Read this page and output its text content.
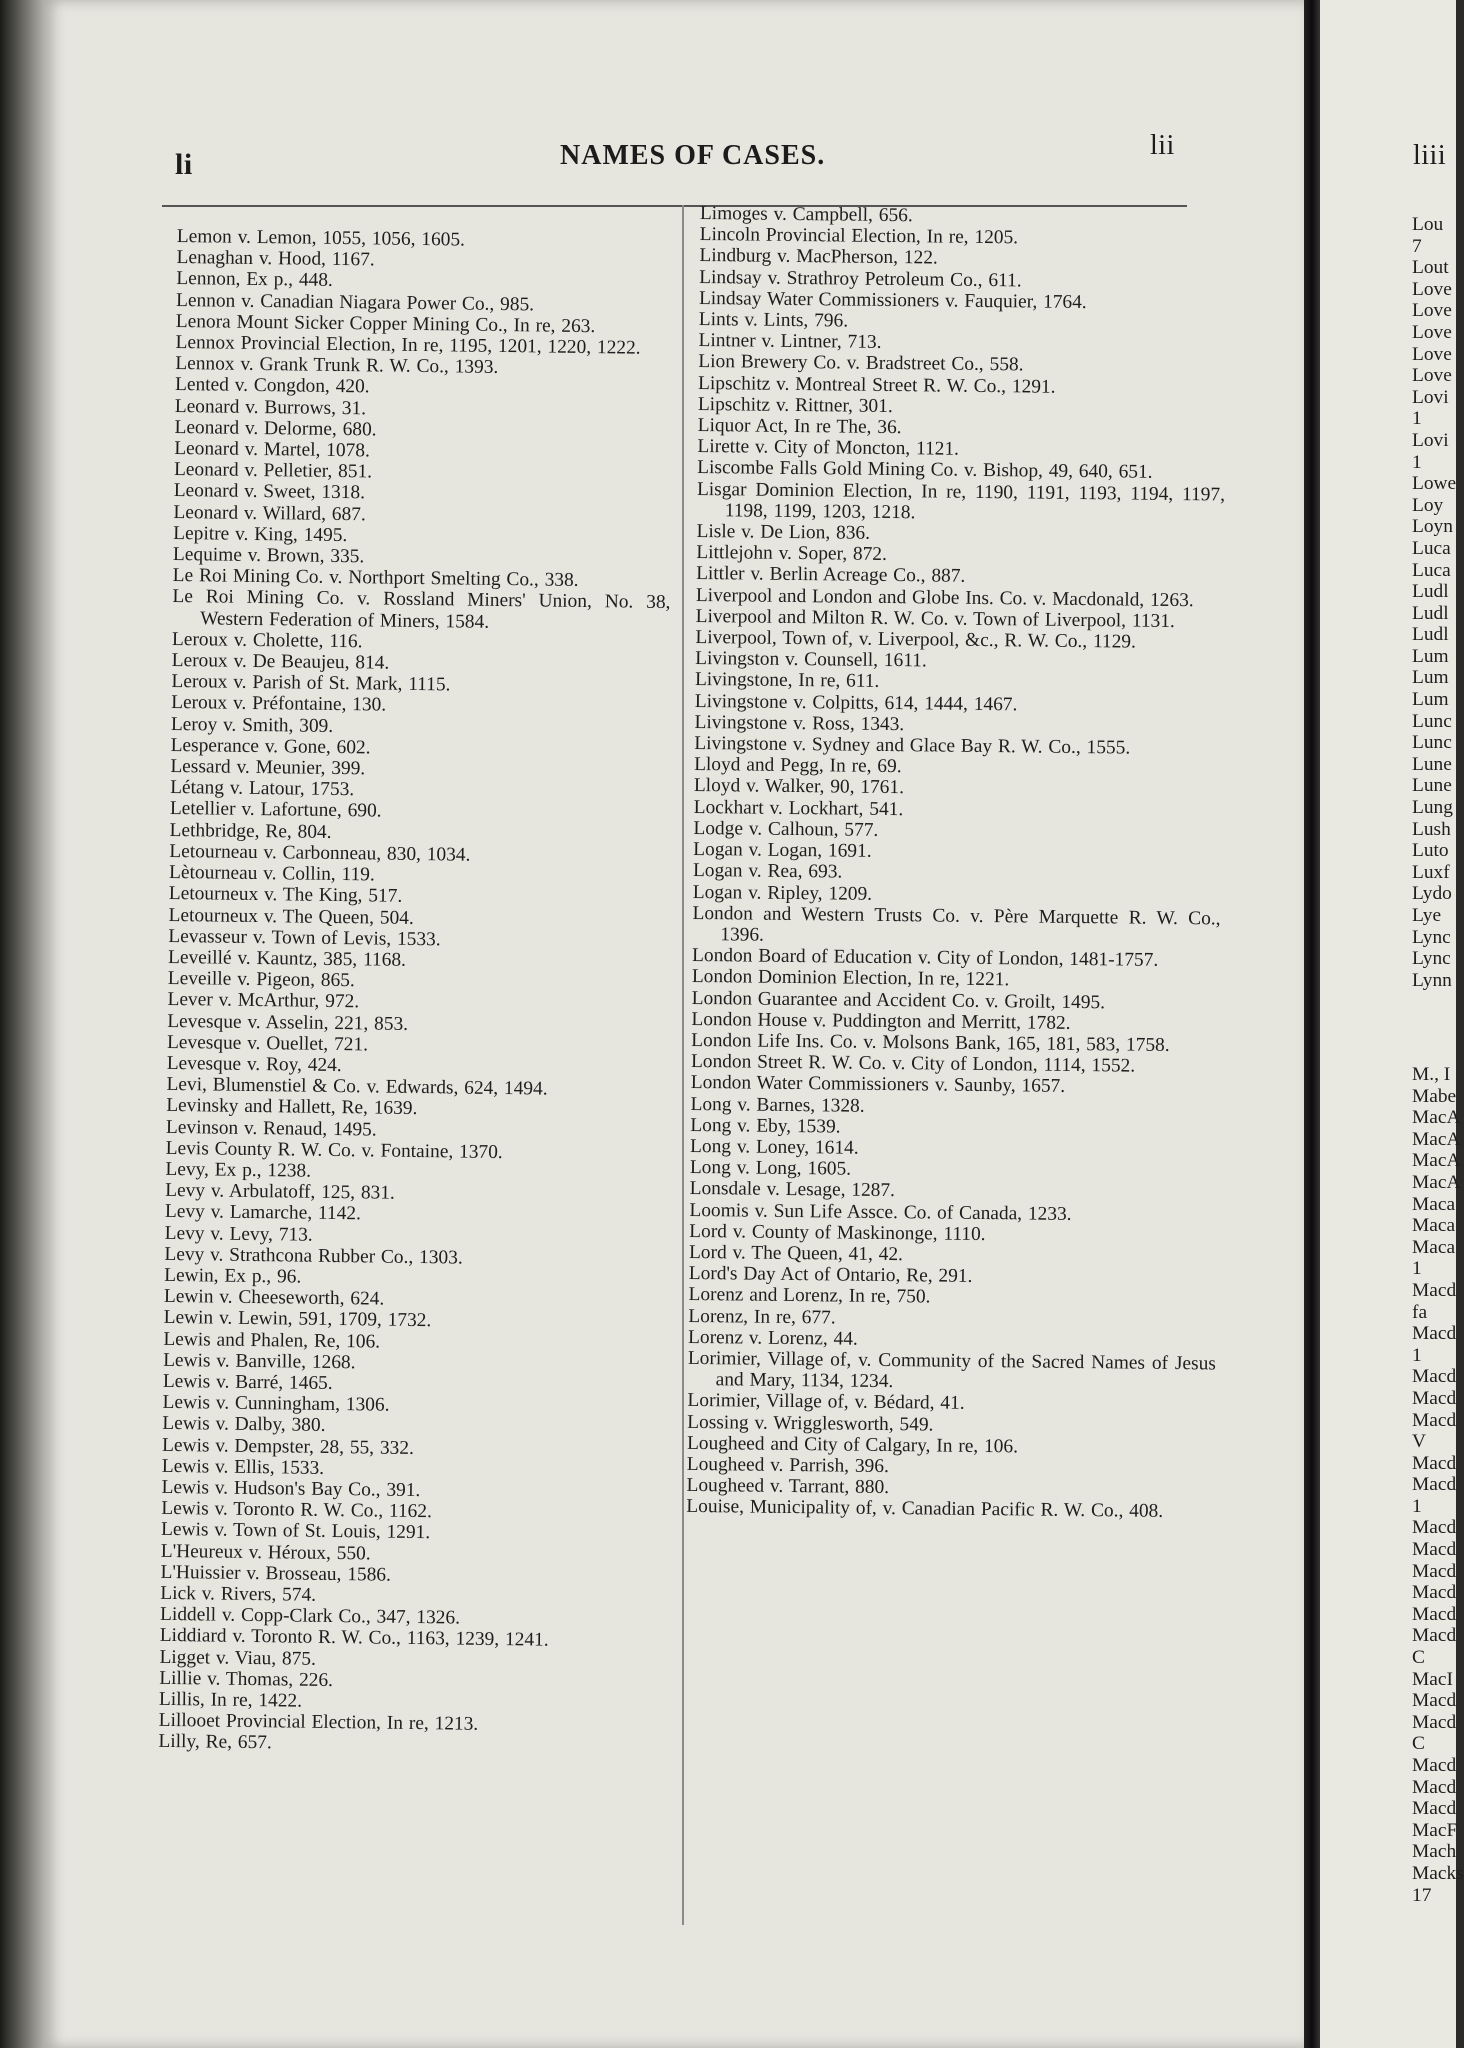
li	NAMES OF CASES.	lii
Lemon v. Lemon, 1055, 1056, 1605.
Lenaghan v. Hood, 1167.
Lennon, Ex p., 448.
Lennon v. Canadian Niagara Power Co., 985.
Lenora Mount Sicker Copper Mining Co., In re, 263.
Lennox Provincial Election, In re, 1195, 1201, 1220, 1222.
Lennox v. Grank Trunk R. W. Co., 1393.
Lented v. Congdon, 420.
Leonard v. Burrows, 31.
Leonard v. Delorme, 680.
Leonard v. Martel, 1078.
Leonard v. Pelletier, 851.
Leonard v. Sweet, 1318.
Leonard v. Willard, 687.
Lepitre v. King, 1495.
Lequime v. Brown, 335.
Le Roi Mining Co. v. Northport Smelting Co., 338.
Le Roi Mining Co. v. Rossland Miners' Union, No. 38, Western Federation of Miners, 1584.
Leroux v. Cholette, 116.
Leroux v. De Beaujeu, 814.
Leroux v. Parish of St. Mark, 1115.
Leroux v. Préfontaine, 130.
Leroy v. Smith, 309.
Lesperance v. Gone, 602.
Lessard v. Meunier, 399.
Létang v. Latour, 1753.
Letellier v. Lafortune, 690.
Lethbridge, Re, 804.
Letourneau v. Carbonneau, 830, 1034.
Lètourneau v. Collin, 119.
Letourneux v. The King, 517.
Letourneux v. The Queen, 504.
Levasseur v. Town of Levis, 1533.
Leveillé v. Kauntz, 385, 1168.
Leveille v. Pigeon, 865.
Lever v. McArthur, 972.
Levesque v. Asselin, 221, 853.
Levesque v. Ouellet, 721.
Levesque v. Roy, 424.
Levi, Blumenstiel & Co. v. Edwards, 624, 1494.
Levinsky and Hallett, Re, 1639.
Levinson v. Renaud, 1495.
Levis County R. W. Co. v. Fontaine, 1370.
Levy, Ex p., 1238.
Levy v. Arbulatoff, 125, 831.
Levy v. Lamarche, 1142.
Levy v. Levy, 713.
Levy v. Strathcona Rubber Co., 1303.
Lewin, Ex p., 96.
Lewin v. Cheeseworth, 624.
Lewin v. Lewin, 591, 1709, 1732.
Lewis and Phalen, Re, 106.
Lewis v. Banville, 1268.
Lewis v. Barré, 1465.
Lewis v. Cunningham, 1306.
Lewis v. Dalby, 380.
Lewis v. Dempster, 28, 55, 332.
Lewis v. Ellis, 1533.
Lewis v. Hudson's Bay Co., 391.
Lewis v. Toronto R. W. Co., 1162.
Lewis v. Town of St. Louis, 1291.
L'Heureux v. Héroux, 550.
L'Huissier v. Brosseau, 1586.
Lick v. Rivers, 574.
Liddell v. Copp-Clark Co., 347, 1326.
Liddiard v. Toronto R. W. Co., 1163, 1239, 1241.
Ligget v. Viau, 875.
Lillie v. Thomas, 226.
Lillis, In re, 1422.
Lillooet Provincial Election, In re, 1213.
Lilly, Re, 657.
Limoges v. Campbell, 656.
Lincoln Provincial Election, In re, 1205.
Lindburg v. MacPherson, 122.
Lindsay v. Strathroy Petroleum Co., 611.
Lindsay Water Commissioners v. Fauquier, 1764.
Lints v. Lints, 796.
Lintner v. Lintner, 713.
Lion Brewery Co. v. Bradstreet Co., 558.
Lipschitz v. Montreal Street R. W. Co., 1291.
Lipschitz v. Rittner, 301.
Liquor Act, In re The, 36.
Lirette v. City of Moncton, 1121.
Liscombe Falls Gold Mining Co. v. Bishop, 49, 640, 651.
Lisgar Dominion Election, In re, 1190, 1191, 1193, 1194, 1197, 1198, 1199, 1203, 1218.
Lisle v. De Lion, 836.
Littlejohn v. Soper, 872.
Littler v. Berlin Acreage Co., 887.
Liverpool and London and Globe Ins. Co. v. Macdonald, 1263.
Liverpool and Milton R. W. Co. v. Town of Liverpool, 1131.
Liverpool, Town of, v. Liverpool, &c., R. W. Co., 1129.
Livingston v. Counsell, 1611.
Livingstone, In re, 611.
Livingstone v. Colpitts, 614, 1444, 1467.
Livingstone v. Ross, 1343.
Livingstone v. Sydney and Glace Bay R. W. Co., 1555.
Lloyd and Pegg, In re, 69.
Lloyd v. Walker, 90, 1761.
Lockhart v. Lockhart, 541.
Lodge v. Calhoun, 577.
Logan v. Logan, 1691.
Logan v. Rea, 693.
Logan v. Ripley, 1209.
London and Western Trusts Co. v. Père Marquette R. W. Co., 1396.
London Board of Education v. City of London, 1481-1757.
London Dominion Election, In re, 1221.
London Guarantee and Accident Co. v. Groilt, 1495.
London House v. Puddington and Merritt, 1782.
London Life Ins. Co. v. Molsons Bank, 165, 181, 583, 1758.
London Street R. W. Co. v. City of London, 1114, 1552.
London Water Commissioners v. Saunby, 1657.
Long v. Barnes, 1328.
Long v. Eby, 1539.
Long v. Loney, 1614.
Long v. Long, 1605.
Lonsdale v. Lesage, 1287.
Loomis v. Sun Life Assce. Co. of Canada, 1233.
Lord v. County of Maskinonge, 1110.
Lord v. The Queen, 41, 42.
Lord's Day Act of Ontario, Re, 291.
Lorenz and Lorenz, In re, 750.
Lorenz, In re, 677.
Lorenz v. Lorenz, 44.
Lorimier, Village of, v. Community of the Sacred Names of Jesus and Mary, 1134, 1234.
Lorimier, Village of, v. Bédard, 41.
Lossing v. Wrigglesworth, 549.
Lougheed and City of Calgary, In re, 106.
Lougheed v. Parrish, 396.
Lougheed v. Tarrant, 880.
Louise, Municipality of, v. Canadian Pacific R. W. Co., 408.
liii
Lou
7
Lout
Love
Love
Love
Love
Love
Lovi
1
Lovi
1
Lowe
Loy
Loyn
Luca
Luca
Ludl
Ludl
Ludl
Lum
Lum
Lum
Lunc
Lunc
Lune
Lune
Lung
Lush
Luto
Luxf
Lydo
Lye
Lync
Lync
Lynn
M., I
Mabe
MacA
MacA
MacA
MacA
Maca
Maca
Maca
1
Macd
fa
Macd
1
Macd
Macd
Macd
V
Macd
Macd
1
Macd
Macd
Macd
Macd
Macd
Macd
C
MacI
Macd
Macd
C
Macd
Macd
Macd
MacF
Mach
Macks
17
